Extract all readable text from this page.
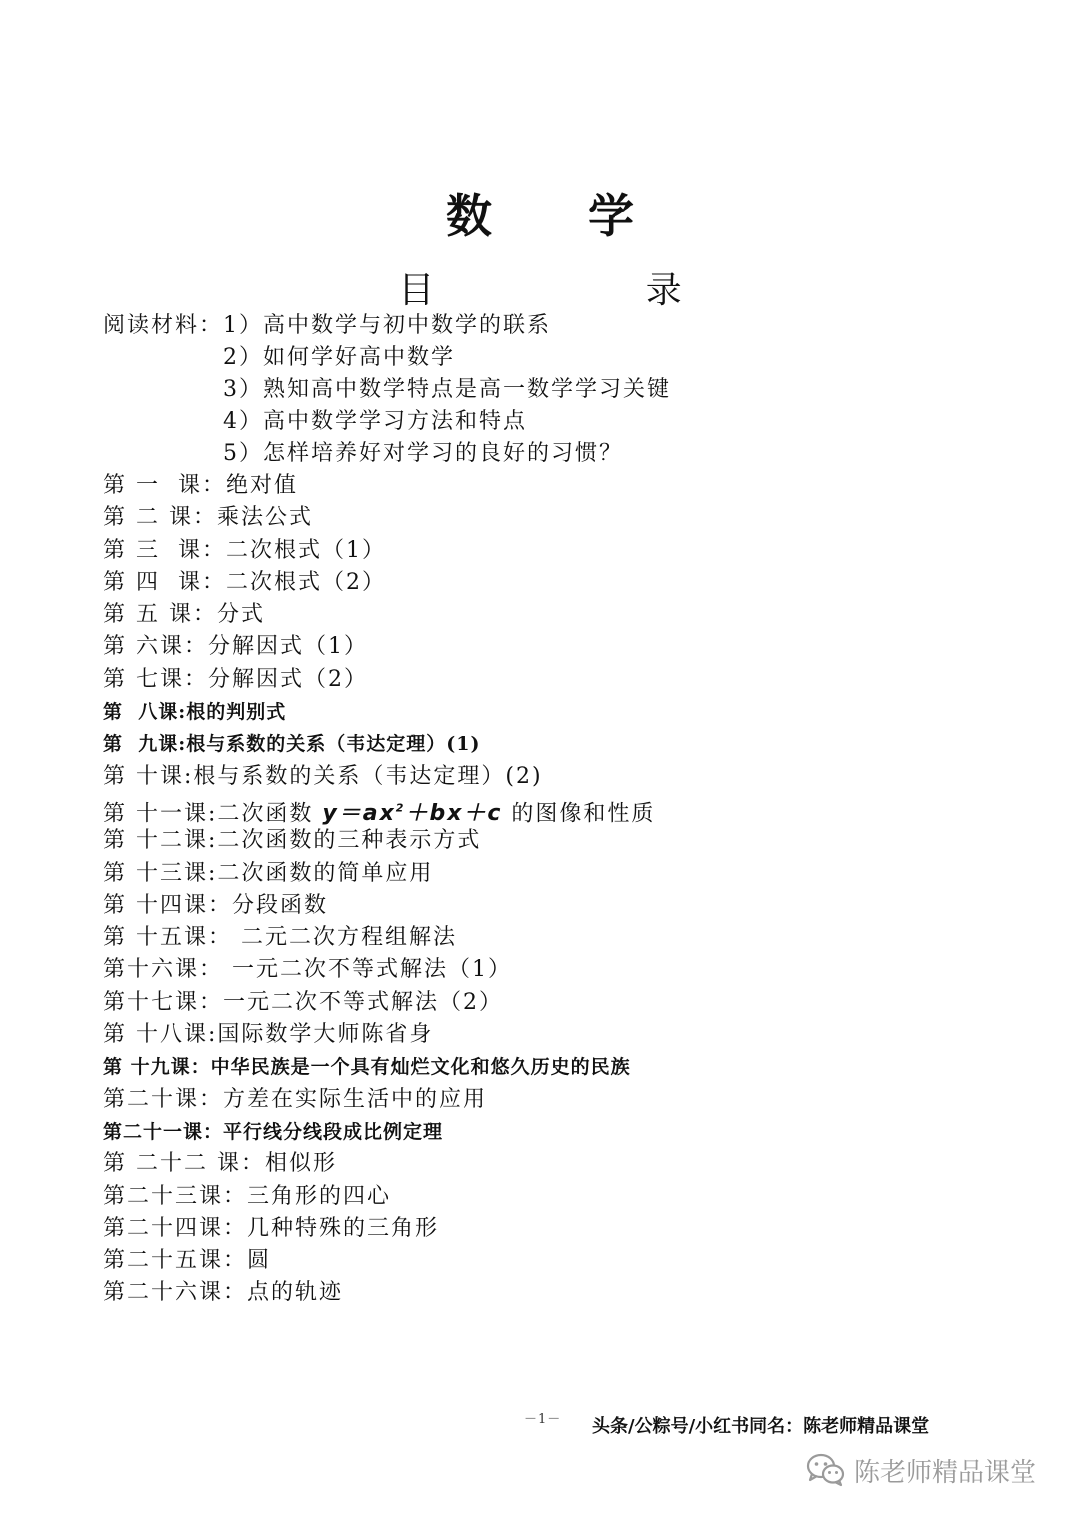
数 学
目 录
阅读材料：1）高中数学与初中数学的联系
2）如何学好高中数学
3）熟知高中数学特点是高一数学学习关键
4）高中数学学习方法和特点
5）怎样培养好对学习的良好的习惯？
第 一  课：绝对值
第 二 课：乘法公式
第 三  课：二次根式（1）
第 四  课：二次根式（2）
第 五 课：分式
第 六课：分解因式（1）
第 七课：分解因式（2）
第  八课:根的判别式
第  九课:根与系数的关系（韦达定理）(1)
第 十课:根与系数的关系（韦达定理）(2)
第 十一课:二次函数 $y=ax^2+bx+c$ 的图像和性质
第 十二课:二次函数的三种表示方式
第 十三课:二次函数的简单应用
第 十四课：分段函数
第 十五课： 二元二次方程组解法
第十六课： 一元二次不等式解法（1）
第十七课：一元二次不等式解法（2）
第 十八课:国际数学大师陈省身
第 十九课：中华民族是一个具有灿烂文化和悠久历史的民族
第二十课：方差在实际生活中的应用
第二十一课：平行线分线段成比例定理
第 二十二 课：相似形
第二十三课：三角形的四心
第二十四课：几种特殊的三角形
第二十五课：圆
第二十六课：点的轨迹
－1－ 头条/公粽号/小红书同名：陈老师精品课堂
陈老师精品课堂
